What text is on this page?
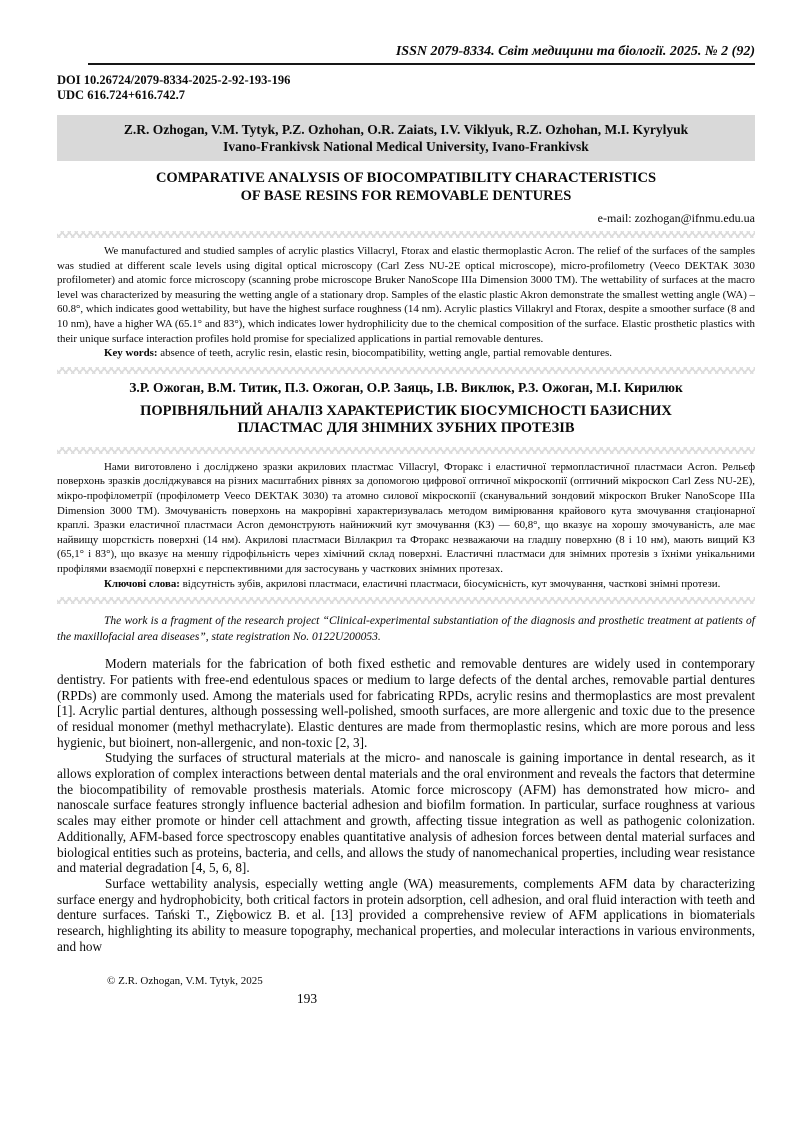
ISSN 2079-8334. Світ медицини та біології. 2025. № 2 (92)
DOI 10.26724/2079-8334-2025-2-92-193-196
UDC 616.724+616.742.7
Z.R. Ozhogan, V.M. Tytyk, P.Z. Ozhohan, O.R. Zaiats, I.V. Viklyuk, R.Z. Ozhohan, M.I. Kyrylyuk
Ivano-Frankivsk National Medical University, Ivano-Frankivsk
COMPARATIVE ANALYSIS OF BIOCOMPATIBILITY CHARACTERISTICS
OF BASE RESINS FOR REMOVABLE DENTURES
e-mail: zozhogan@ifnmu.edu.ua

We manufactured and studied samples of acrylic plastics Villacryl, Ftorax and elastic thermoplastic Acron. The relief of the surfaces of the samples was studied at different scale levels using digital optical microscopy (Carl Zess NU-2E optical microscope), micro-profilometry (Veeco DEKTAK 3030 profilometer) and atomic force microscopy (scanning probe microscope Bruker NanoScope IIIa Dimension 3000 TM). The wettability of surfaces at the macro level was characterized by measuring the wetting angle of a stationary drop. Samples of the elastic plastic Akron demonstrate the smallest wetting angle (WA) – 60.8°, which indicates good wettability, but have the highest surface roughness (14 nm). Acrylic plastics Villakryl and Ftorax, despite a smoother surface (8 and 10 nm), have a higher WA (65.1° and 83°), which indicates lower hydrophilicity due to the chemical composition of the surface. Elastic prosthetic plastics with their unique surface interaction profiles hold promise for specialized applications in partial removable dentures.

Key words: absence of teeth, acrylic resin, elastic resin, biocompatibility, wetting angle, partial removable dentures.

З.Р. Ожоган, В.М. Титик, П.З. Ожоган, О.Р. Заяць, І.В. Виклюк, Р.З. Ожоган, М.І. Кирилюк
ПОРІВНЯЛЬНИЙ АНАЛІЗ ХАРАКТЕРИСТИК БІОСУМІСНОСТІ БАЗИСНИХ
ПЛАСТМАС ДЛЯ ЗНІМНИХ ЗУБНИХ ПРОТЕЗІВ

Нами виготовлено і досліджено зразки акрилових пластмас Villacryl, Фторакс і еластичної термопластичної пластмаси Acron. Рельєф поверхонь зразків досліджувався на різних масштабних рівнях за допомогою цифрової оптичної мікроскопії (оптичний мікроскоп Carl Zess NU-2E), мікро-профілометрії (профілометр Veeco DEKTAK 3030) та атомно силової мікроскопії (сканувальний зондовий мікроскоп Bruker NanoScope IIIa Dimension 3000 TM). Змочуваність поверхонь на макрорівні характеризувалась методом вимірювання крайового кута змочування стаціонарної краплі. Зразки еластичної пластмаси Acron демонструють найнижчий кут змочування (КЗ) — 60,8°, що вказує на хорошу змочуваність, але має найвищу шорсткість поверхні (14 нм). Акрилові пластмаси Віллакрил та Фторакс незважаючи на гладшу поверхню (8 і 10 нм), мають вищий КЗ (65,1° і 83°), що вказує на меншу гідрофільність через хімічний склад поверхні. Еластичні пластмаси для знімних протезів з їхніми унікальними профілями взаємодії поверхні є перспективними для застосувань у часткових знімних протезах.

Ключові слова: відсутність зубів, акрилові пластмаси, еластичні пластмаси, біосумісність, кут змочування, часткові знімні протези.

The work is a fragment of the research project “Clinical-experimental substantiation of the diagnosis and prosthetic treatment at patients of the maxillofacial area diseases”, state registration No. 0122U200053.

Modern materials for the fabrication of both fixed esthetic and removable dentures are widely used in contemporary dentistry. For patients with free-end edentulous spaces or medium to large defects of the dental arches, removable partial dentures (RPDs) are commonly used. Among the materials used for fabricating RPDs, acrylic resins and thermoplastics are most prevalent [1]. Acrylic partial dentures, although possessing well-polished, smooth surfaces, are more allergenic and toxic due to the presence of residual monomer (methyl methacrylate). Elastic dentures are made from thermoplastic resins, which are more porous and less hygienic, but bioinert, non-allergenic, and non-toxic [2, 3].

Studying the surfaces of structural materials at the micro- and nanoscale is gaining importance in dental research, as it allows exploration of complex interactions between dental materials and the oral environment and reveals the factors that determine the biocompatibility of removable prosthesis materials. Atomic force microscopy (AFM) has demonstrated how micro- and nanoscale surface features strongly influence bacterial adhesion and biofilm formation. In particular, surface roughness at various scales may either promote or hinder cell attachment and growth, affecting tissue integration as well as pathogenic colonization. Additionally, AFM-based force spectroscopy enables quantitative analysis of adhesion forces between dental material surfaces and biological entities such as proteins, bacteria, and cells, and allows the study of nanomechanical properties, including wear resistance and material degradation [4, 5, 6, 8].

Surface wettability analysis, especially wetting angle (WA) measurements, complements AFM data by characterizing surface energy and hydrophobicity, both critical factors in protein adsorption, cell adhesion, and oral fluid interaction with teeth and denture surfaces. Tański T., Ziębowicz B. et al. [13] provided a comprehensive review of AFM applications in biomaterials research, highlighting its ability to measure topography, mechanical properties, and molecular interactions in various environments, and how

© Z.R. Ozhogan, V.M. Tytyk, 2025
193
